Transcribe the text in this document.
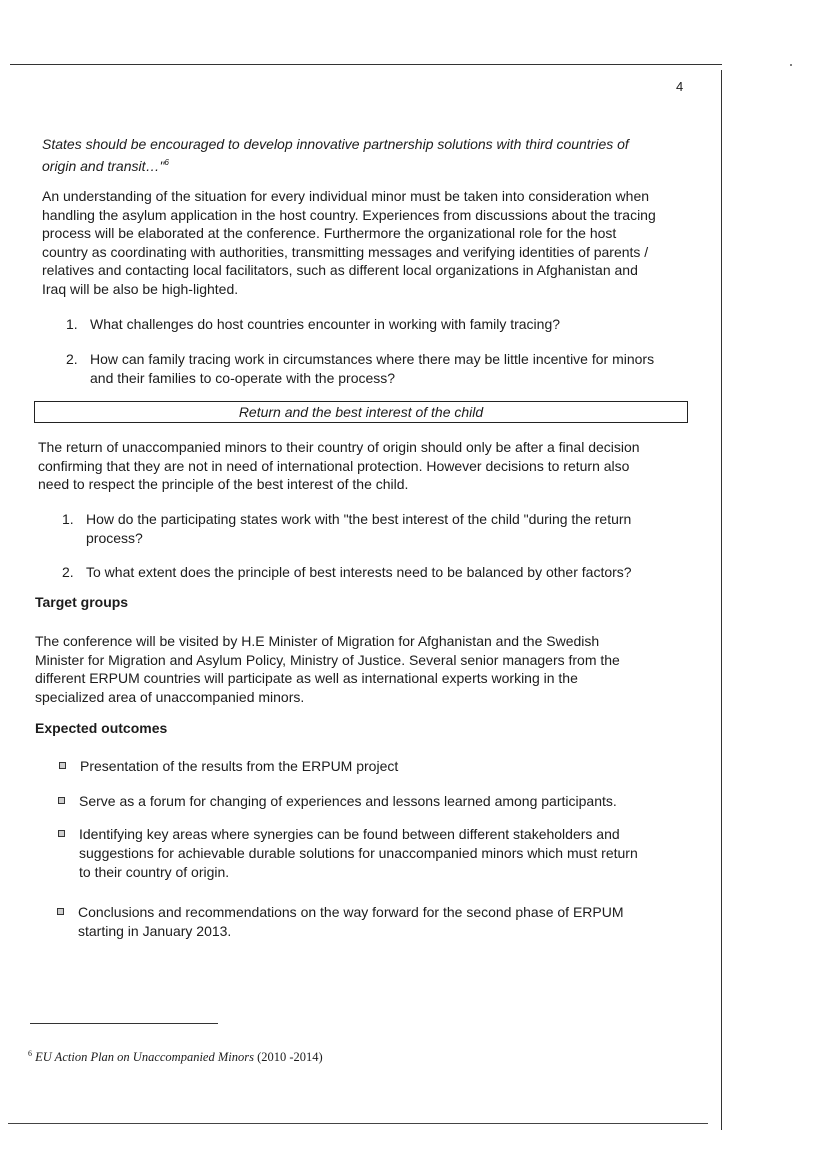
4
States should be encouraged to develop innovative partnership solutions with third countries of
origin and transit…"$^6$
An understanding of the situation for every individual minor must be taken into consideration when
handling the asylum application in the host country. Experiences from discussions about the tracing
process will be elaborated at the conference. Furthermore the organizational role for the host
country as coordinating with authorities, transmitting messages and verifying identities of parents /
relatives and contacting local facilitators, such as different local organizations in Afghanistan and
Iraq will be also be high-lighted.
1. What challenges do host countries encounter in working with family tracing?
2. How can family tracing work in circumstances where there may be little incentive for minors
and their families to co-operate with the process?
Return and the best interest of the child
The return of unaccompanied minors to their country of origin should only be after a final decision
confirming that they are not in need of international protection. However decisions to return also
need to respect the principle of the best interest of the child.
1. How do the participating states work with "the best interest of the child "during the return
process?
2. To what extent does the principle of best interests need to be balanced by other factors?
Target groups
The conference will be visited by H.E Minister of Migration for Afghanistan and the Swedish
Minister for Migration and Asylum Policy, Ministry of Justice. Several senior managers from the
different ERPUM countries will participate as well as international experts working in the
specialized area of unaccompanied minors.
Expected outcomes
Presentation of the results from the ERPUM project
Serve as a forum for changing of experiences and lessons learned among participants.
Identifying key areas where synergies can be found between different stakeholders and
suggestions for achievable durable solutions for unaccompanied minors which must return
to their country of origin.
Conclusions and recommendations on the way forward for the second phase of ERPUM
starting in January 2013.
$^6$ EU Action Plan on Unaccompanied Minors (2010 -2014)
